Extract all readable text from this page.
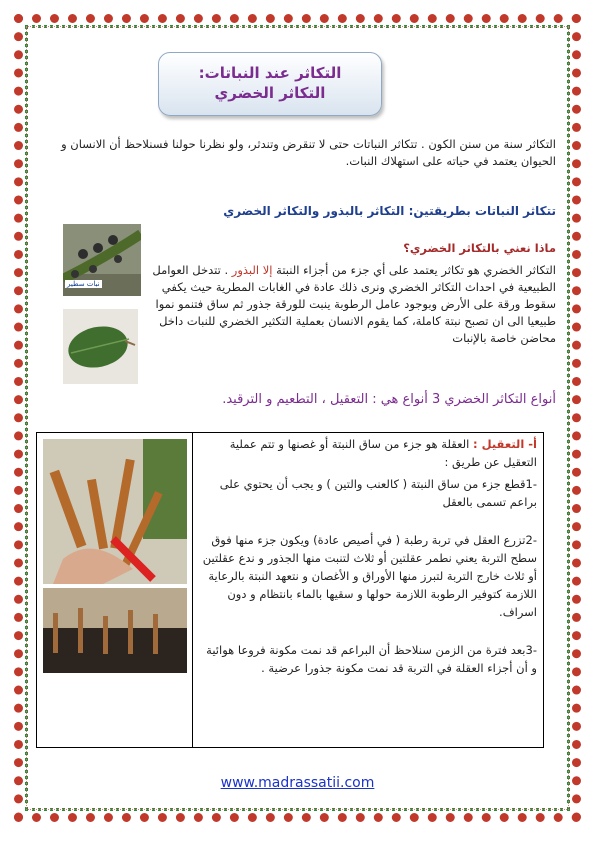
التكاثر عند النباتات:
التكاثر الخضري

التكاثر سنة من سنن الكون . تتكاثر النباتات حتى لا تنقرض وتندثر، ولو نظرنا حولنا فسنلاحظ أن الانسان و الحيوان يعتمد في حياته على استهلاك النبات.

تتكاثر النباتات بطريقتين: التكاثر بالبذور والتكاثر الخضري
نبات سطير
ماذا نعني بالتكاثر الخضري؟

التكاثر الخضري هو تكاثر يعتمد على أي جزء من أجزاء النبتة إلا البذور . تتدخل العوامل الطبيعية في احداث التكاثر الخضري ونرى ذلك عادة في الغابات المطرية حيث يكفي سقوط ورقة على الأرض وبوجود عامل الرطوبة ينبت للورقة جذور ثم ساق فتنمو نموا طبيعيا الى ان تصبح نبتة كاملة، كما يقوم الانسان بعملية التكثير الخضري للنبات داخل محاضن خاصة بالإنبات

أنواع التكاثر الخضري 3 أنواع هي : التعقيل ، التطعيم و الترقيد.

أ- التعقيل : العقلة هو جزء من ساق النبتة أو غصنها و تتم عملية التعقيل عن طريق :

-1قطع جزء من ساق النبتة ( كالعنب والتين ) و يجب أن يحتوي على براعم تسمى بالعقل

-2تزرع العقل في تربة رطبة ( في أصيص عادة) ويكون جزء منها فوق سطح التربة يعني نطمر عقلتين أو ثلاث لتنبت منها الجذور و ندع عقلتين أو ثلاث خارج التربة لتبرز منها الأوراق و الأغصان و نتعهد النبتة بالرعاية اللازمة كتوفير الرطوبة اللازمة حولها و سقيها بالماء بانتظام و دون اسراف.

-3بعد فترة من الزمن سنلاحظ أن البراعم قد نمت مكونة فروعا هوائية و أن أجزاء العقلة في التربة قد نمت مكونة جذورا عرضية .

www.madrassatii.com
